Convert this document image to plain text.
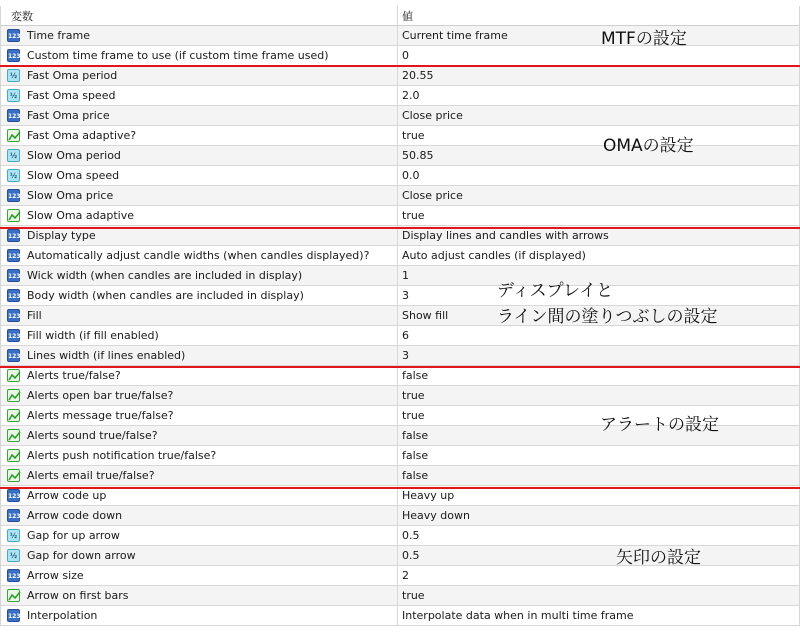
変数	値
123 Time frame	Current time frame
123 Custom time frame to use (if custom time frame used)	0
½ Fast Oma period	20.55
½ Fast Oma speed	2.0
123 Fast Oma price	Close price
Fast Oma adaptive?	true
½ Slow Oma period	50.85
½ Slow Oma speed	0.0
123 Slow Oma price	Close price
Slow Oma adaptive	true
123 Display type	Display lines and candles with arrows
123 Automatically adjust candle widths (when candles displayed)?	Auto adjust candles (if displayed)
123 Wick width (when candles are included in display)	1
123 Body width (when candles are included in display)	3
123 Fill	Show fill
123 Fill width (if fill enabled)	6
123 Lines width (if lines enabled)	3
Alerts true/false?	false
Alerts open bar true/false?	true
Alerts message true/false?	true
Alerts sound true/false?	false
Alerts push notification true/false?	false
Alerts email true/false?	false
123 Arrow code up	Heavy up
123 Arrow code down	Heavy down
½ Gap for up arrow	0.5
½ Gap for down arrow	0.5
123 Arrow size	2
Arrow on first bars	true
123 Interpolation	Interpolate data when in multi time frame
MTFの設定
OMAの設定
ディスプレイと
ライン間の塗りつぶしの設定
アラートの設定
矢印の設定
